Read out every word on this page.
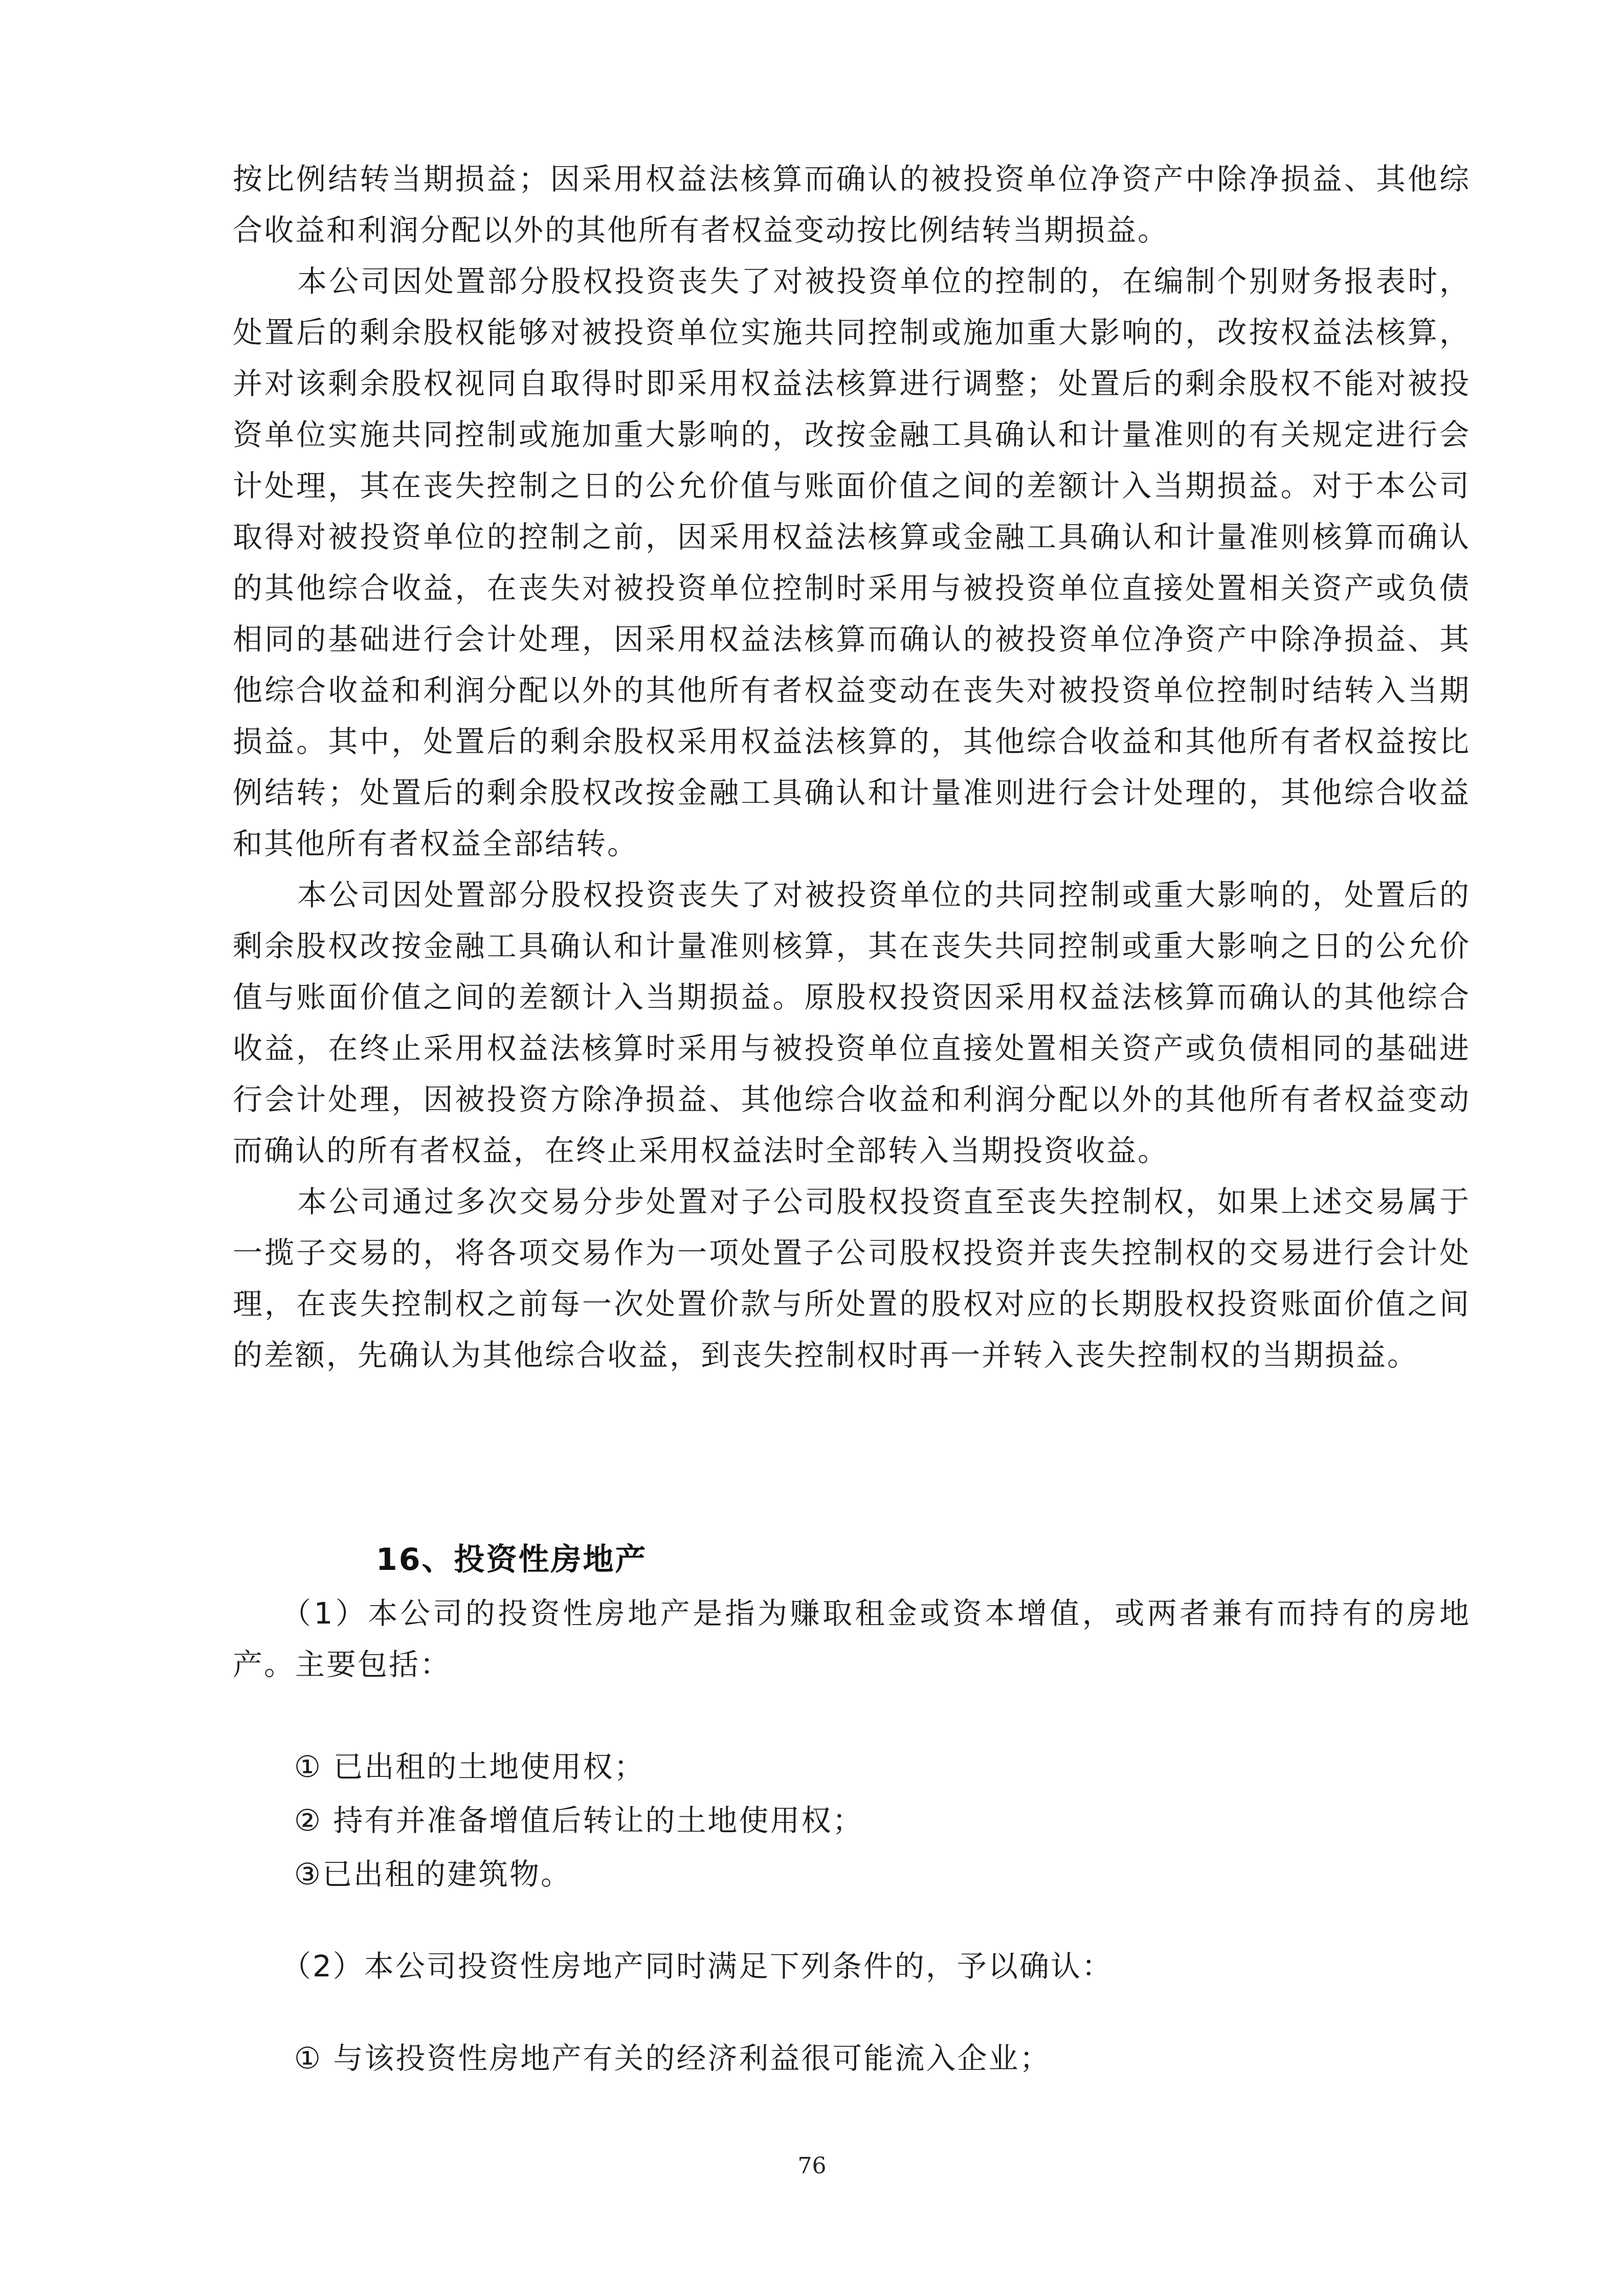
按比例结转当期损益；因采用权益法核算而确认的被投资单位净资产中除净损益、其他综合收益和利润分配以外的其他所有者权益变动按比例结转当期损益。

本公司因处置部分股权投资丧失了对被投资单位的控制的，在编制个别财务报表时，处置后的剩余股权能够对被投资单位实施共同控制或施加重大影响的，改按权益法核算，并对该剩余股权视同自取得时即采用权益法核算进行调整；处置后的剩余股权不能对被投资单位实施共同控制或施加重大影响的，改按金融工具确认和计量准则的有关规定进行会计处理，其在丧失控制之日的公允价值与账面价值之间的差额计入当期损益。对于本公司取得对被投资单位的控制之前，因采用权益法核算或金融工具确认和计量准则核算而确认的其他综合收益，在丧失对被投资单位控制时采用与被投资单位直接处置相关资产或负债相同的基础进行会计处理，因采用权益法核算而确认的被投资单位净资产中除净损益、其他综合收益和利润分配以外的其他所有者权益变动在丧失对被投资单位控制时结转入当期损益。其中，处置后的剩余股权采用权益法核算的，其他综合收益和其他所有者权益按比例结转；处置后的剩余股权改按金融工具确认和计量准则进行会计处理的，其他综合收益和其他所有者权益全部结转。

本公司因处置部分股权投资丧失了对被投资单位的共同控制或重大影响的，处置后的剩余股权改按金融工具确认和计量准则核算，其在丧失共同控制或重大影响之日的公允价值与账面价值之间的差额计入当期损益。原股权投资因采用权益法核算而确认的其他综合收益，在终止采用权益法核算时采用与被投资单位直接处置相关资产或负债相同的基础进行会计处理，因被投资方除净损益、其他综合收益和利润分配以外的其他所有者权益变动而确认的所有者权益，在终止采用权益法时全部转入当期投资收益。

本公司通过多次交易分步处置对子公司股权投资直至丧失控制权，如果上述交易属于一揽子交易的，将各项交易作为一项处置子公司股权投资并丧失控制权的交易进行会计处理，在丧失控制权之前每一次处置价款与所处置的股权对应的长期股权投资账面价值之间的差额，先确认为其他综合收益，到丧失控制权时再一并转入丧失控制权的当期损益。

16、投资性房地产

（1）本公司的投资性房地产是指为赚取租金或资本增值，或两者兼有而持有的房地产。主要包括：

① 已出租的土地使用权；

② 持有并准备增值后转让的土地使用权；

③已出租的建筑物。

（2）本公司投资性房地产同时满足下列条件的，予以确认：

① 与该投资性房地产有关的经济利益很可能流入企业；

76
